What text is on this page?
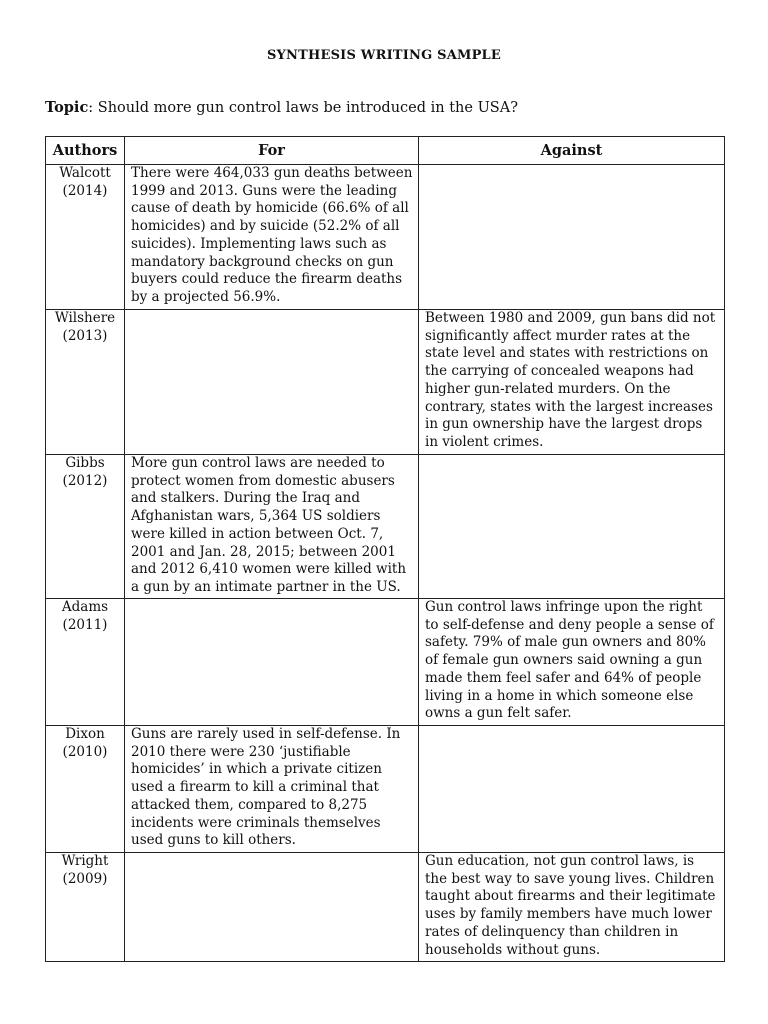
SYNTHESIS WRITING SAMPLE
Topic: Should more gun control laws be introduced in the USA?
Authors	For	Against

Walcott
(2014)	There were 464,033 gun deaths between 1999 and 2013. Guns were the leading cause of death by homicide (66.6% of all homicides) and by suicide (52.2% of all suicides). Implementing laws such as mandatory background checks on gun buyers could reduce the firearm deaths by a projected 56.9%.	

Wilshere
(2013)		Between 1980 and 2009, gun bans did not significantly affect murder rates at the state level and states with restrictions on the carrying of concealed weapons had higher gun-related murders. On the contrary, states with the largest increases in gun ownership have the largest drops in violent crimes.

Gibbs
(2012)	More gun control laws are needed to protect women from domestic abusers and stalkers. During the Iraq and Afghanistan wars, 5,364 US soldiers were killed in action between Oct. 7, 2001 and Jan. 28, 2015; between 2001 and 2012 6,410 women were killed with a gun by an intimate partner in the US.	

Adams
(2011)		Gun control laws infringe upon the right to self-defense and deny people a sense of safety. 79% of male gun owners and 80% of female gun owners said owning a gun made them feel safer and 64% of people living in a home in which someone else owns a gun felt safer.

Dixon
(2010)	Guns are rarely used in self-defense. In 2010 there were 230 ‘justifiable homicides’ in which a private citizen used a firearm to kill a criminal that attacked them, compared to 8,275 incidents were criminals themselves used guns to kill others.	

Wright
(2009)		Gun education, not gun control laws, is the best way to save young lives. Children taught about firearms and their legitimate uses by family members have much lower rates of delinquency than children in households without guns.
